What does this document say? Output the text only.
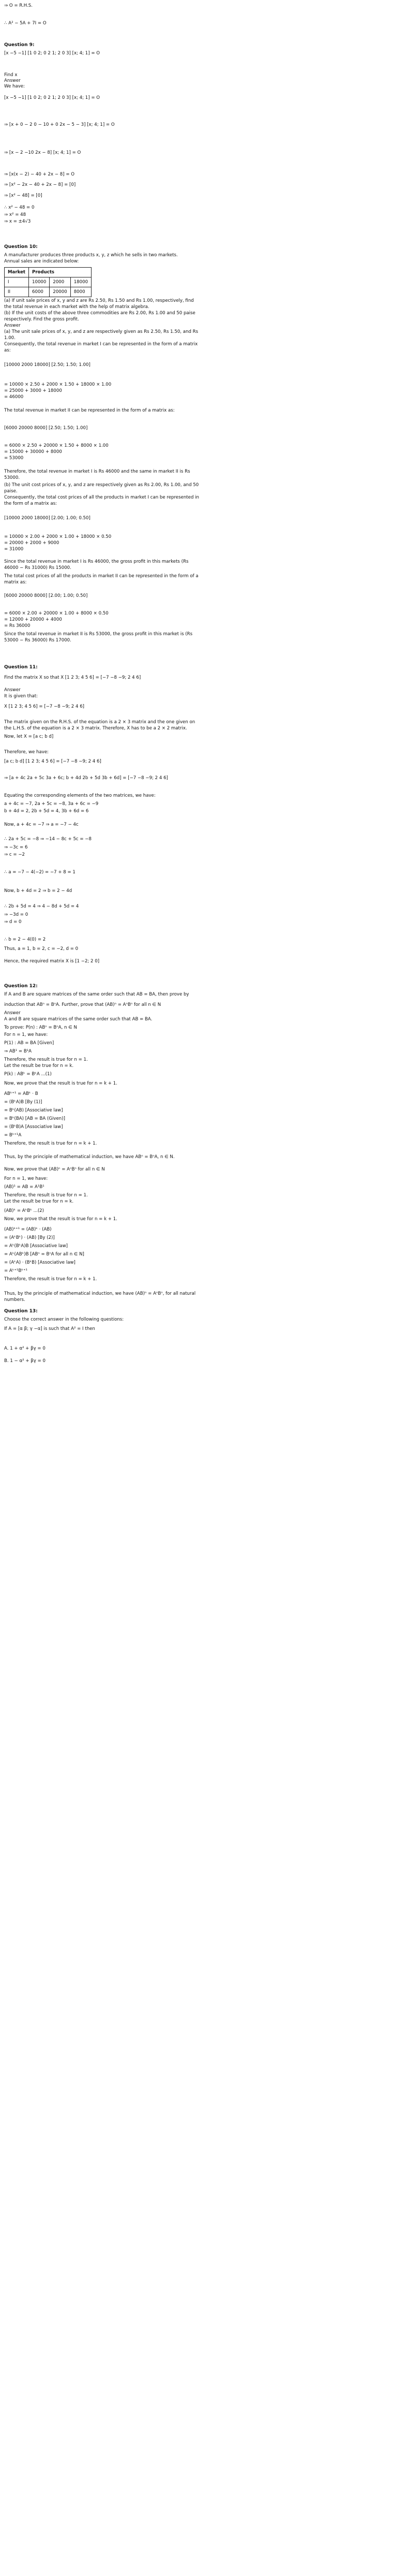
⇒ O = R.H.S.
∴ A² − 5A + 7I = O
Question 9:
[x −5 −1] [1 0 2; 0 2 1; 2 0 3] [x; 4; 1] = O
Find x
Answer
We have:
[x −5 −1] [1 0 2; 0 2 1; 2 0 3] [x; 4; 1] = O
⇒ [x + 0 − 2 0 − 10 + 0 2x − 5 − 3] [x; 4; 1] = O
⇒ [x − 2 −10 2x − 8] [x; 4; 1] = O
⇒ [x(x − 2) − 40 + 2x − 8] = O
⇒ [x² − 2x − 40 + 2x − 8] = [0]
⇒ [x² − 48] = [0]
∴ x² − 48 = 0
⇒ x² = 48
⇒ x = ±4√3
Question 10:
A manufacturer produces three products x, y, z which he sells in two markets.
Annual sales are indicated below:
(a) If unit sale prices of x, y and z are Rs 2.50, Rs 1.50 and Rs 1.00, respectively, find
the total revenue in each market with the help of matrix algebra.
(b) If the unit costs of the above three commodities are Rs 2.00, Rs 1.00 and 50 paise
respectively. Find the gross profit.
Answer
(a) The unit sale prices of x, y, and z are respectively given as Rs 2.50, Rs 1.50, and Rs
1.00.
Consequently, the total revenue in market I can be represented in the form of a matrix
as:
[10000 2000 18000] [2.50; 1.50; 1.00]
= 10000 × 2.50 + 2000 × 1.50 + 18000 × 1.00
= 25000 + 3000 + 18000
= 46000
The total revenue in market II can be represented in the form of a matrix as:
[6000 20000 8000] [2.50; 1.50; 1.00]
= 6000 × 2.50 + 20000 × 1.50 + 8000 × 1.00
= 15000 + 30000 + 8000
= 53000
Therefore, the total revenue in market I is Rs 46000 and the same in market II is Rs
53000.
(b) The unit cost prices of x, y, and z are respectively given as Rs 2.00, Rs 1.00, and 50
paise.
Consequently, the total cost prices of all the products in market I can be represented in
the form of a matrix as:
[10000 2000 18000] [2.00; 1.00; 0.50]
= 10000 × 2.00 + 2000 × 1.00 + 18000 × 0.50
= 20000 + 2000 + 9000
= 31000
Since the total revenue in market I is Rs 46000, the gross profit in this markets (Rs
46000 − Rs 31000) Rs 15000.
The total cost prices of all the products in market II can be represented in the form of a
matrix as:
[6000 20000 8000] [2.00; 1.00; 0.50]
= 6000 × 2.00 + 20000 × 1.00 + 8000 × 0.50
= 12000 + 20000 + 4000
= Rs 36000
Since the total revenue in market II is Rs 53000, the gross profit in this market is (Rs
53000 − Rs 36000) Rs 17000.
Question 11:
Find the matrix X so that X [1 2 3; 4 5 6] = [−7 −8 −9; 2 4 6]
Answer
It is given that:
X [1 2 3; 4 5 6] = [−7 −8 −9; 2 4 6]
The matrix given on the R.H.S. of the equation is a 2 × 3 matrix and the one given on
the L.H.S. of the equation is a 2 × 3 matrix. Therefore, X has to be a 2 × 2 matrix.
Now, let X = [a c; b d]
Therefore, we have:
[a c; b d] [1 2 3; 4 5 6] = [−7 −8 −9; 2 4 6]
⇒ [a + 4c 2a + 5c 3a + 6c; b + 4d 2b + 5d 3b + 6d] = [−7 −8 −9; 2 4 6]
Equating the corresponding elements of the two matrices, we have:
a + 4c = −7, 2a + 5c = −8, 3a + 6c = −9
b + 4d = 2, 2b + 5d = 4, 3b + 6d = 6
Now, a + 4c = −7 ⇒ a = −7 − 4c
∴ 2a + 5c = −8 ⇒ −14 − 8c + 5c = −8
⇒ −3c = 6
⇒ c = −2
∴ a = −7 − 4(−2) = −7 + 8 = 1
Now, b + 4d = 2 ⇒ b = 2 − 4d
∴ 2b + 5d = 4 ⇒ 4 − 8d + 5d = 4
⇒ −3d = 0
⇒ d = 0
∴ b = 2 − 4(0) = 2
Thus, a = 1, b = 2, c = −2, d = 0
Hence, the required matrix X is [1 −2; 2 0]
Question 12:
If A and B are square matrices of the same order such that AB = BA, then prove by
induction that ABⁿ = BⁿA. Further, prove that (AB)ⁿ = AⁿBⁿ for all n ∈ N
Answer
A and B are square matrices of the same order such that AB = BA.
To prove: P(n) : ABⁿ = BⁿA, n ∈ N
For n = 1, we have:
P(1) : AB = BA [Given]
⇒ AB¹ = B¹A
Therefore, the result is true for n = 1.
Let the result be true for n = k.
P(k) : ABᵏ = BᵏA ...(1)
Now, we prove that the result is true for n = k + 1.
ABᵏ⁺¹ = ABᵏ · B
= (BᵏA)B [By (1)]
= Bᵏ(AB) [Associative law]
= Bᵏ(BA) [AB = BA (Given)]
= (BᵏB)A [Associative law]
= Bᵏ⁺¹A
Therefore, the result is true for n = k + 1.
Thus, by the principle of mathematical induction, we have ABⁿ = BⁿA, n ∈ N.
Now, we prove that (AB)ⁿ = AⁿBⁿ for all n ∈ N
For n = 1, we have:
(AB)¹ = AB = A¹B¹
Therefore, the result is true for n = 1.
Let the result be true for n = k.
(AB)ᵏ = AᵏBᵏ ...(2)
Now, we prove that the result is true for n = k + 1.
(AB)ᵏ⁺¹ = (AB)ᵏ · (AB)
= (AᵏBᵏ) · (AB) [By (2)]
= Aᵏ(BᵏA)B [Associative law]
= Aᵏ(ABᵏ)B [ABⁿ = BⁿA for all n ∈ N]
= (AᵏA) · (BᵏB) [Associative law]
= Aᵏ⁺¹Bᵏ⁺¹
Therefore, the result is true for n = k + 1.
Thus, by the principle of mathematical induction, we have (AB)ⁿ = AⁿBⁿ, for all natural
numbers.
Question 13:
Choose the correct answer in the following questions:
If A = [α β; γ −α] is such that A² = I then
A. 1 + α² + βγ = 0
B. 1 − α² + βγ = 0
Market	Products		
I	10000	2000	18000
II	6000	20000	8000
